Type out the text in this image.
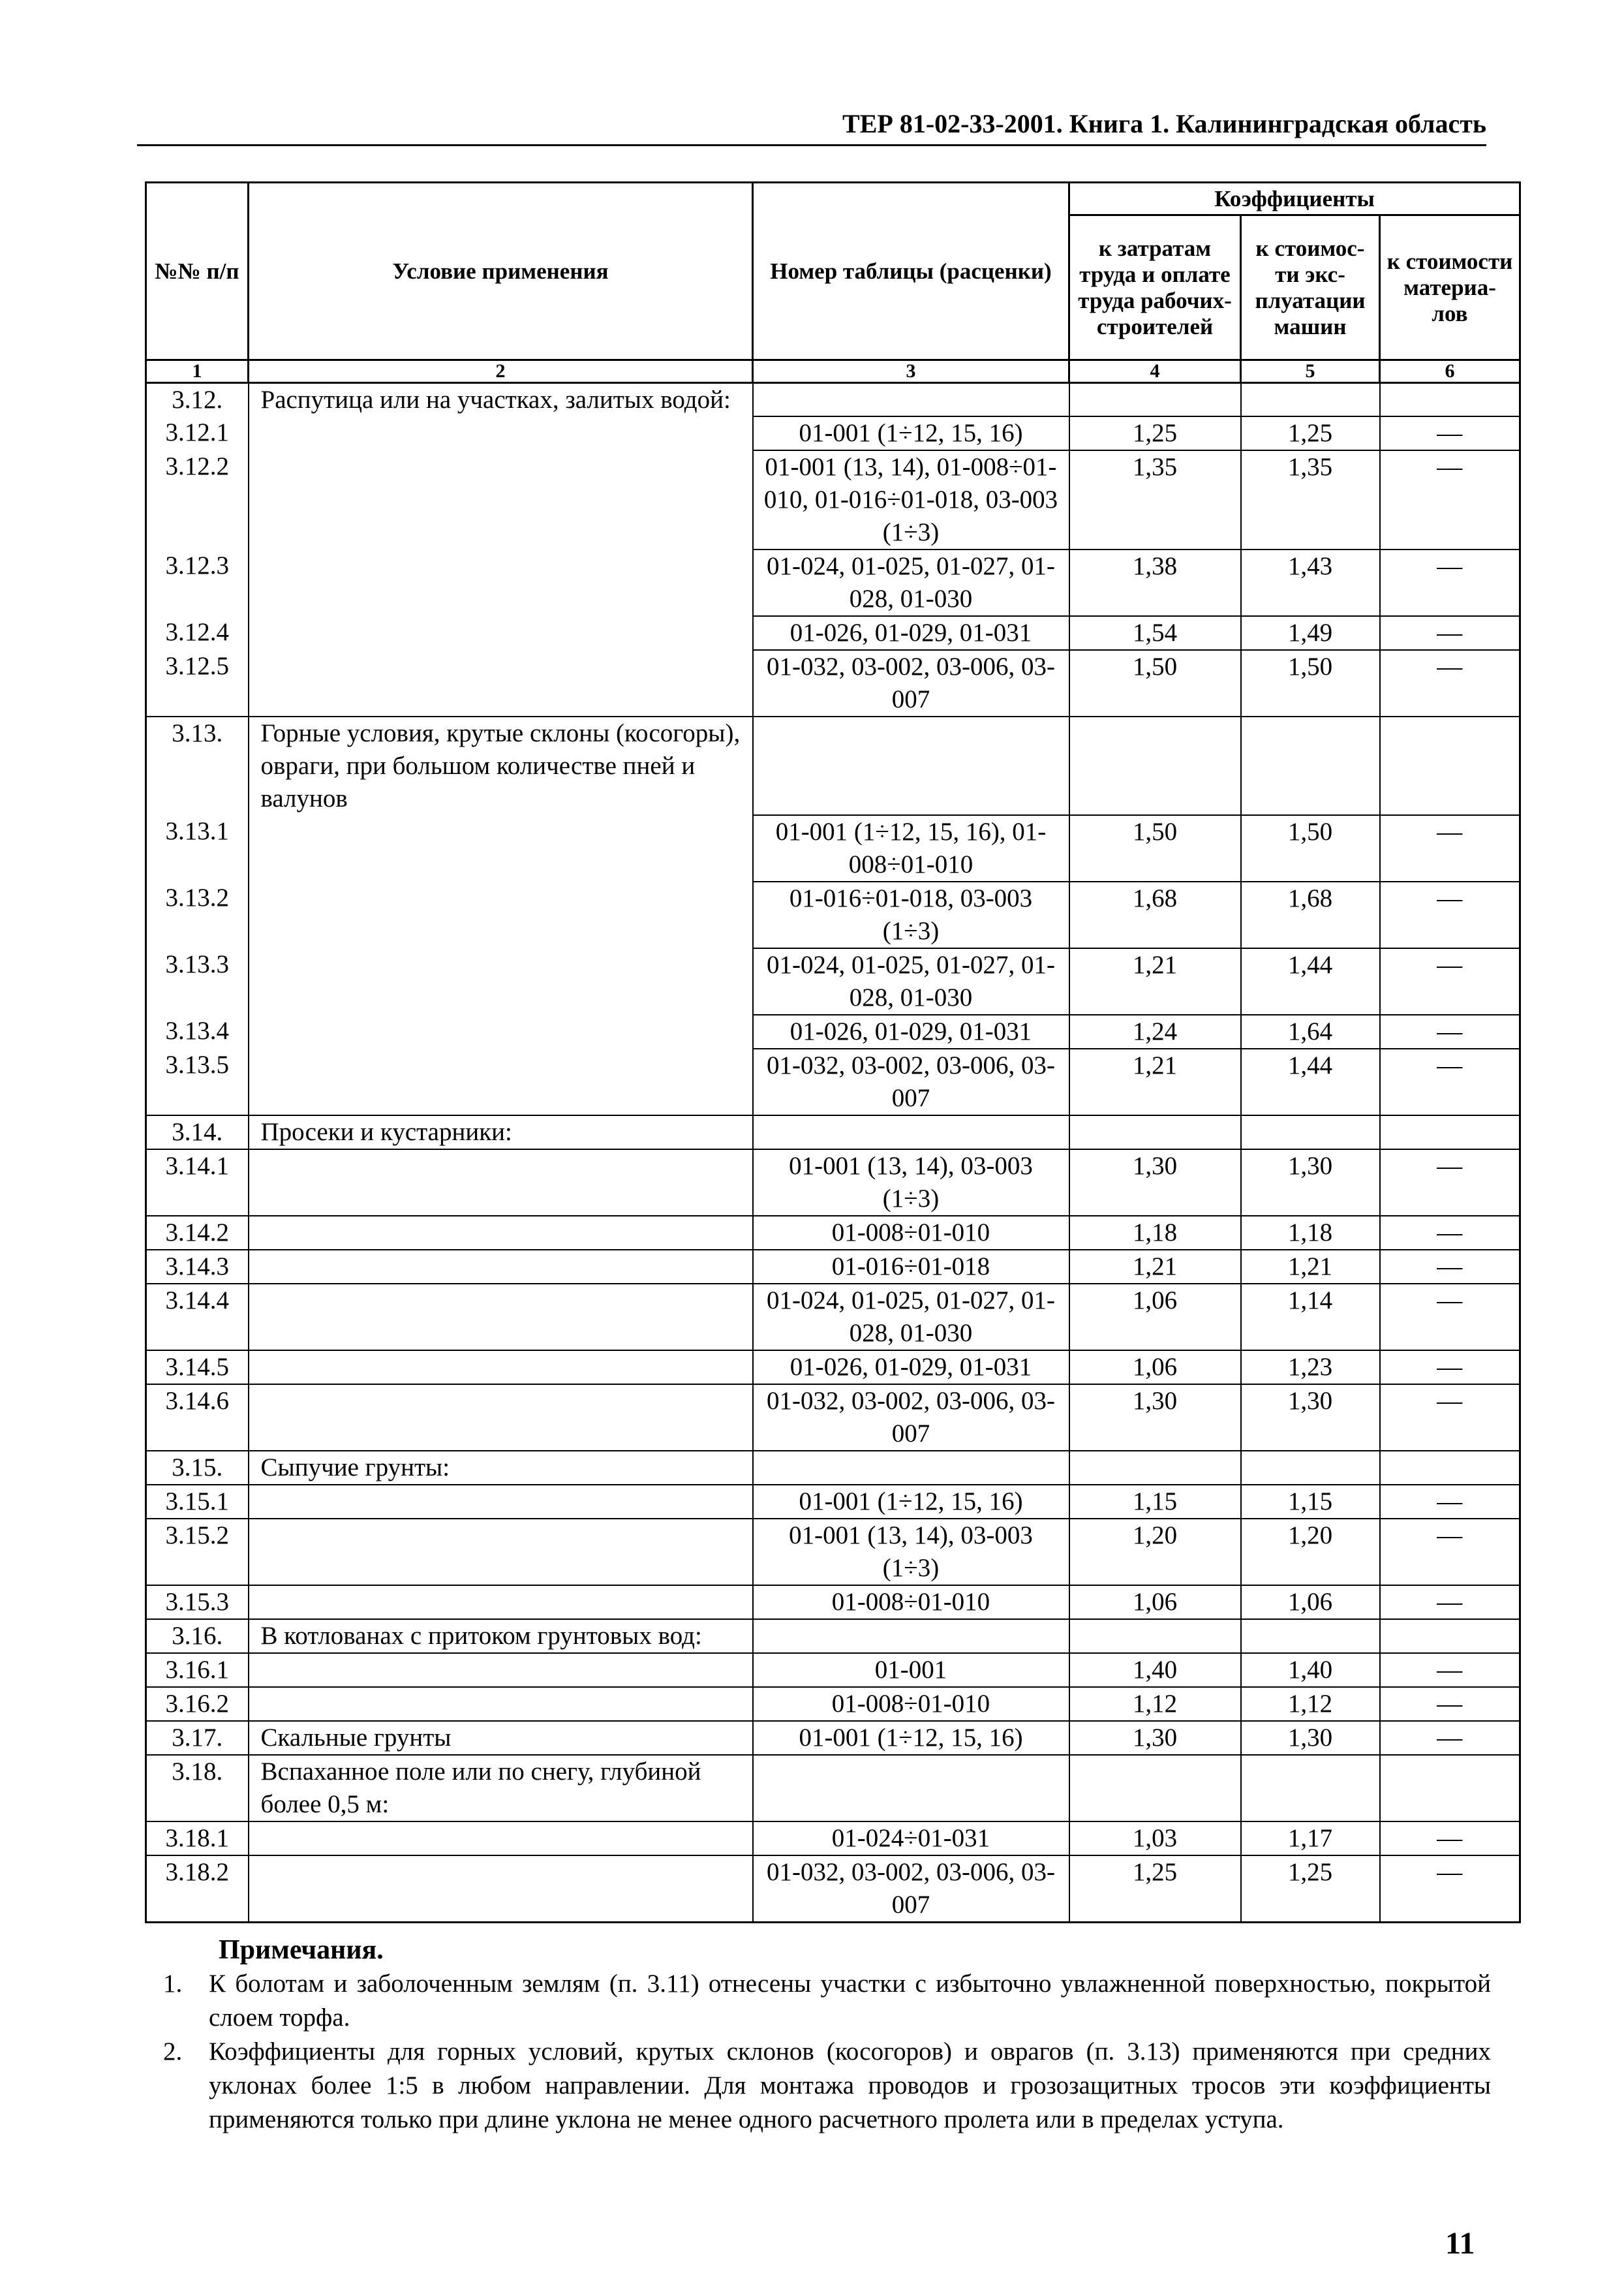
ТЕР 81-02-33-2001. Книга 1. Калининградская область
№№ п/п	Условие применения	Номер таблицы (расценки)	Коэффициенты		
			к затратам труда и оплате труда рабочих-строителей	к стоимос-ти экс-плуатации машин	к стоимости материа-лов
1	2	3	4	5	6
3.12.	Распутица или на участках, залитых водой:				
3.12.1		01-001 (1÷12, 15, 16)	1,25	1,25	—
3.12.2		01-001 (13, 14), 01-008÷01-010, 01-016÷01-018, 03-003 (1÷3)	1,35	1,35	—
3.12.3		01-024, 01-025, 01-027, 01-028, 01-030	1,38	1,43	—
3.12.4		01-026, 01-029, 01-031	1,54	1,49	—
3.12.5		01-032, 03-002, 03-006, 03-007	1,50	1,50	—
3.13.	Горные условия, крутые склоны (косогоры), овраги, при большом количестве пней и валунов				
3.13.1		01-001 (1÷12, 15, 16), 01-008÷01-010	1,50	1,50	—
3.13.2		01-016÷01-018, 03-003 (1÷3)	1,68	1,68	—
3.13.3		01-024, 01-025, 01-027, 01-028, 01-030	1,21	1,44	—
3.13.4		01-026, 01-029, 01-031	1,24	1,64	—
3.13.5		01-032, 03-002, 03-006, 03-007	1,21	1,44	—
3.14.	Просеки и кустарники:				
3.14.1		01-001 (13, 14), 03-003 (1÷3)	1,30	1,30	—
3.14.2		01-008÷01-010	1,18	1,18	—
3.14.3		01-016÷01-018	1,21	1,21	—
3.14.4		01-024, 01-025, 01-027, 01-028, 01-030	1,06	1,14	—
3.14.5		01-026, 01-029, 01-031	1,06	1,23	—
3.14.6		01-032, 03-002, 03-006, 03-007	1,30	1,30	—
3.15.	Сыпучие грунты:				
3.15.1		01-001 (1÷12, 15, 16)	1,15	1,15	—
3.15.2		01-001 (13, 14), 03-003 (1÷3)	1,20	1,20	—
3.15.3		01-008÷01-010	1,06	1,06	—
3.16.	В котлованах с притоком грунтовых вод:				
3.16.1		01-001	1,40	1,40	—
3.16.2		01-008÷01-010	1,12	1,12	—
3.17.	Скальные грунты	01-001 (1÷12, 15, 16)	1,30	1,30	—
3.18.	Вспаханное поле или по снегу, глубиной более 0,5 м:				
3.18.1		01-024÷01-031	1,03	1,17	—
3.18.2		01-032, 03-002, 03-006, 03-007	1,25	1,25	—
Примечания.
1.	К болотам и заболоченным землям (п. 3.11) отнесены участки с избыточно увлажненной поверхностью, покрытой слоем торфа.
2.	Коэффициенты для горных условий, крутых склонов (косогоров) и оврагов (п. 3.13) применяются при средних уклонах более 1:5 в любом направлении. Для монтажа проводов и грозозащитных тросов эти коэффициенты применяются только при длине уклона не менее одного расчетного пролета или в пределах уступа.
11
